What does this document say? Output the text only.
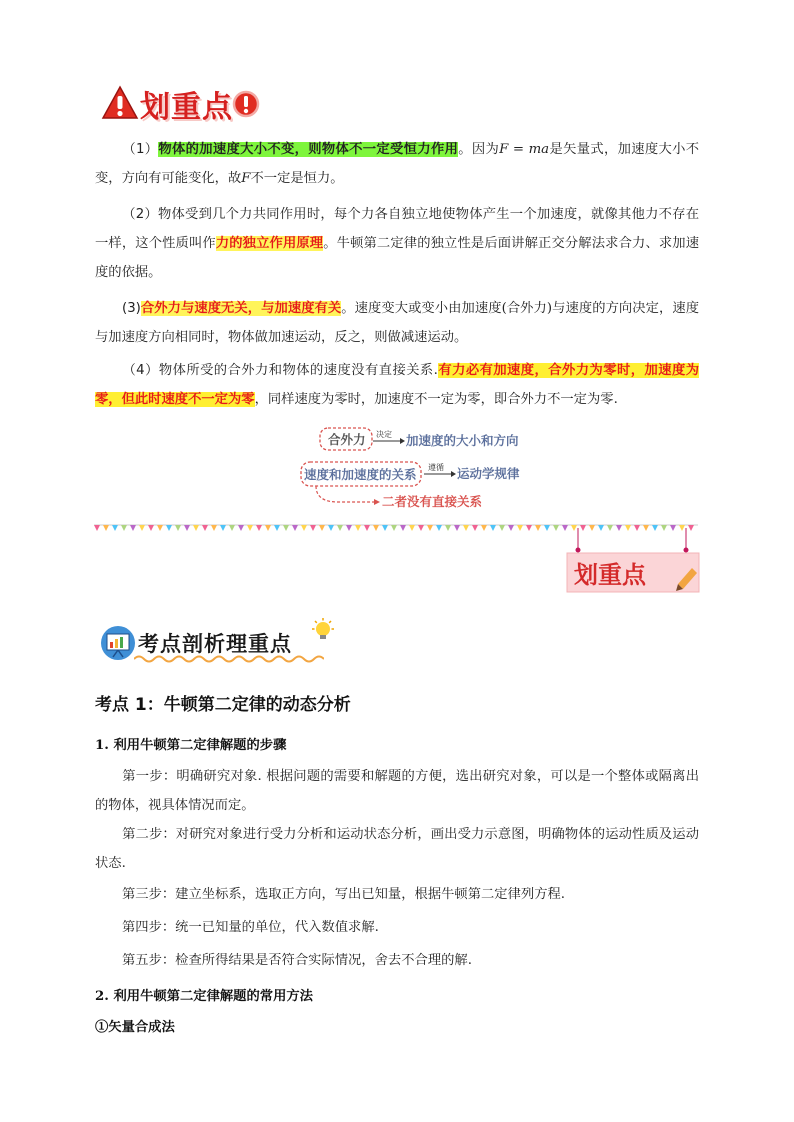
划重点

（1）物体的加速度大小不变，则物体不一定受恒力作用。因为F = ma是矢量式，加速度大小不变，方向有可能变化，故F不一定是恒力。

（2）物体受到几个力共同作用时，每个力各自独立地使物体产生一个加速度，就像其他力不存在一样，这个性质叫作力的独立作用原理。牛顿第二定律的独立性是后面讲解正交分解法求合力、求加速度的依据。

(3)合外力与速度无关，与加速度有关。速度变大或变小由加速度(合外力)与速度的方向决定，速度与加速度方向相同时，物体做加速运动，反之，则做减速运动。

（4）物体所受的合外力和物体的速度没有直接关系.有力必有加速度，合外力为零时，加速度为零，但此时速度不一定为零，同样速度为零时，加速度不一定为零，即合外力不一定为零.

合外力 决定 加速度的大小和方向
速度和加速度的关系 遵循 运动学规律
二者没有直接关系
划重点
考点剖析理重点
考点 1：牛顿第二定律的动态分析
1. 利用牛顿第二定律解题的步骤

第一步：明确研究对象. 根据问题的需要和解题的方便，选出研究对象，可以是一个整体或隔离出的物体，视具体情况而定。

第二步：对研究对象进行受力分析和运动状态分析，画出受力示意图，明确物体的运动性质及运动状态.

第三步：建立坐标系，选取正方向，写出已知量，根据牛顿第二定律列方程.

第四步：统一已知量的单位，代入数值求解.

第五步：检查所得结果是否符合实际情况，舍去不合理的解.

2. 利用牛顿第二定律解题的常用方法
①矢量合成法
